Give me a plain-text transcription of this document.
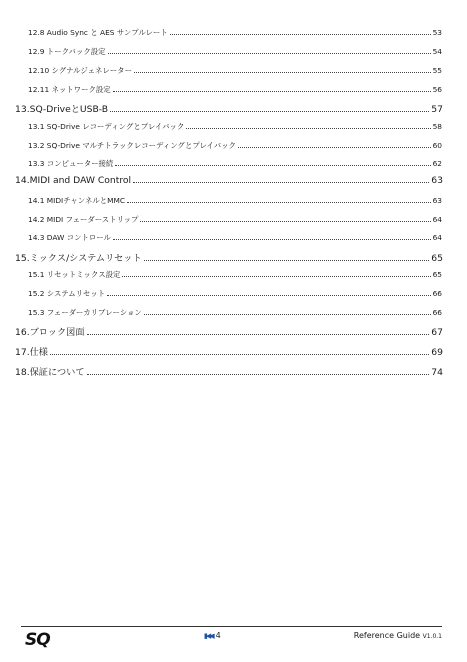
12.8 Audio Sync と AES サンプルレート	53
12.9 トークバック設定	54
12.10 シグナルジェネレーター	55
12.11 ネットワーク設定	56
13.SQ-DriveとUSB-B	57
13.1 SQ-Drive レコーディングとプレイバック	58
13.2 SQ-Drive マルチトラックレコーディングとプレイバック	60
13.3 コンピューター接続	62
14.MIDI and DAW Control	63
14.1 MIDIチャンネルとMMC	63
14.2 MIDI フェーダーストリップ	64
14.3 DAW コントロール	64
15.ミックス/システムリセット	65
15.1 リセットミックス設定	65
15.2 システムリセット	66
15.3 フェーダーカリブレーション	66
16.ブロック図面	67
17.仕様	69
18.保証について	74
SQ	▮◀◀ 4	Reference Guide V1.0.1
